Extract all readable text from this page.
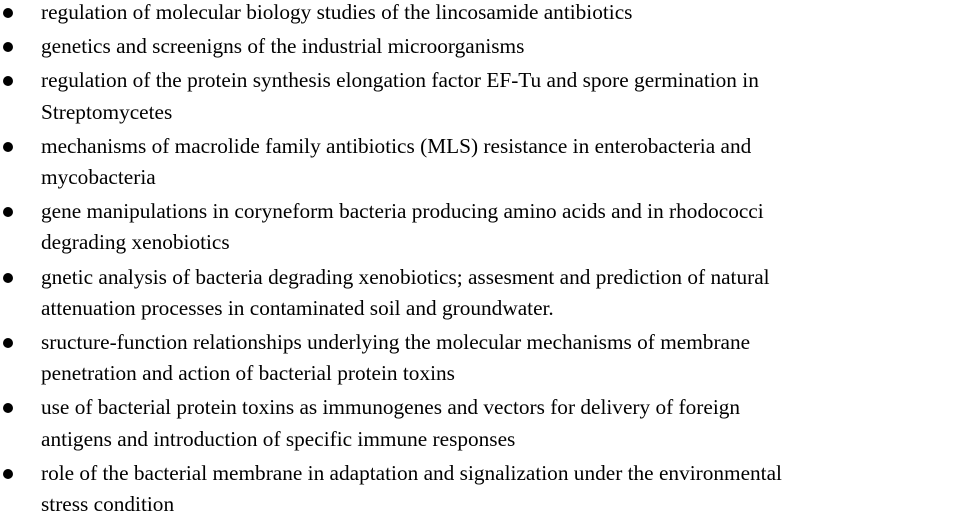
regulation of molecular biology studies of the lincosamide antibiotics
genetics and screenigns of the industrial microorganisms
regulation of the protein synthesis elongation factor EF-Tu and spore germination in
Streptomycetes
mechanisms of macrolide family antibiotics (MLS) resistance in enterobacteria and
mycobacteria
gene manipulations in coryneform bacteria producing amino acids and in rhodococci
degrading xenobiotics
gnetic analysis of bacteria degrading xenobiotics; assesment and prediction of natural
attenuation processes in contaminated soil and groundwater.
sructure-function relationships underlying the molecular mechanisms of membrane
penetration and action of bacterial protein toxins
use of bacterial protein toxins as immunogenes and vectors for delivery of foreign
antigens and introduction of specific immune responses
role of the bacterial membrane in adaptation and signalization under the environmental
stress condition
